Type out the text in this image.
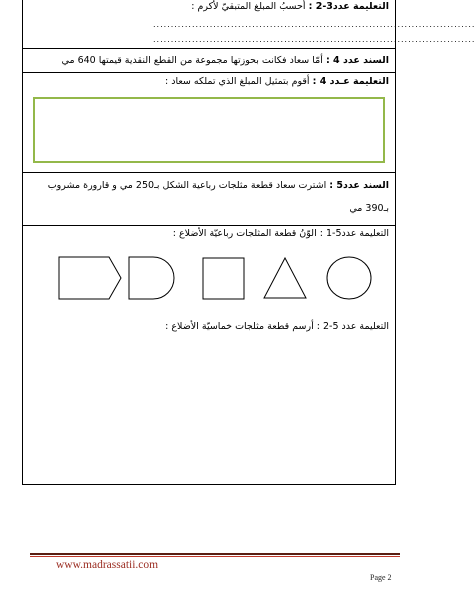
التعليمة عدد3-2 : أحسبُ المبلغ المتبقيّ لأكرم :
...........................................................................................
...........................................................................................
السند عدد 4 : أمّا سعاد فكانت بحوزتها مجموعة من القطع النقدية قيمتها 640 مي
التعليمة عـدد 4 : أقوم بتمثيل المبلغ الذي تملكه سعاد :
السند عدد5 : اشترت سعاد قطعة مثلجات رباعية الشكل بـ250 مي و قارورة مشروب
بـ390 مي
التعليمة عدد5-1 : الوّنُ قطعة المثلجات رباعيّة الأضلاع :
التعليمة عدد 5-2 : أرسم قطعة مثلجات خماسيّة الأضلاع :
www.madrassatii.com
Page 2
